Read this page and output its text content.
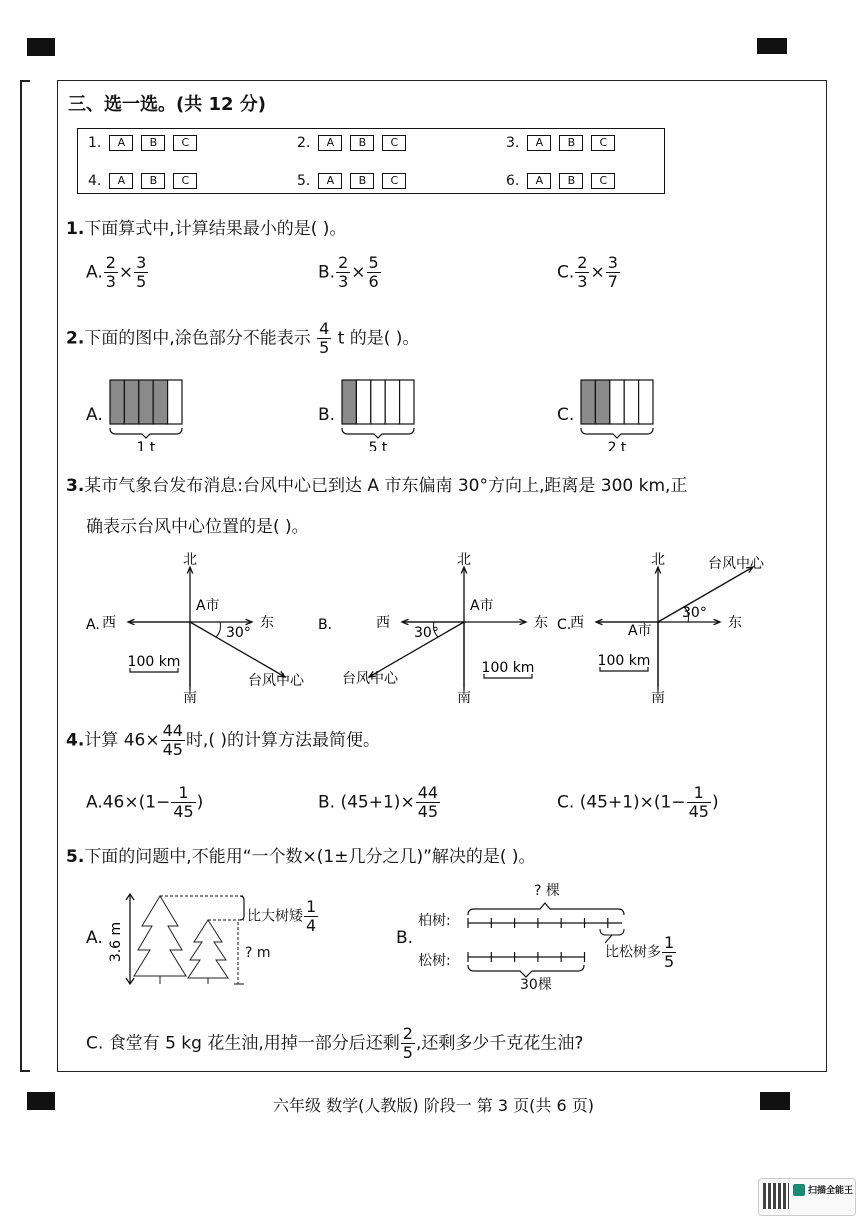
三、选一选。(共 12 分)
1. A B C	2. A B C	3. A B C
4. A B C	5. A B C	6. A B C
1.下面算式中,计算结果最小的是( )。
A. $\frac{2}{3} \times \frac{3}{5}$	B. $\frac{2}{3} \times \frac{5}{6}$	C. $\frac{2}{3} \times \frac{3}{7}$
2.下面的图中,涂色部分不能表示 $\frac{4}{5}$ t 的是( )。
A.
1 t
B.
5 t
C.
2 t
3.某市气象台发布消息:台风中心已到达 A 市东偏南 30°方向上,距离是 300 km,正
确表示台风中心位置的是( )。
A.
北
南
东
西
A市
30°
台风中心
100 km
B.
北
南
东
西
A市
30°
台风中心
100 km
C.
北
南
东
西	A市
30°
台风中心
100 km
4.计算 $46\times \frac{44}{45}$ 时,( )的计算方法最简便。
$A.46\times(1- \frac{1}{45}$ )	B. $(45+1)\times \frac{44}{45}$	C. $(45+1)\times(1- \frac{1}{45}$ )
5.下面的问题中,不能用“一个数×(1±几分之几)”解决的是( )。
A. 3.6 m
比大树矮 $\frac{1}{4}$
? m
B.
? 棵
柏树:
松树:
30棵
比松树多 $\frac{1}{5}$
C. 食堂有 5 kg 花生油,用掉一部分后还剩 $\frac{2}{5}$ ,还剩多少千克花生油?
六年级 数学(人教版) 阶段一 第 3 页(共 6 页)
扫描全能王
